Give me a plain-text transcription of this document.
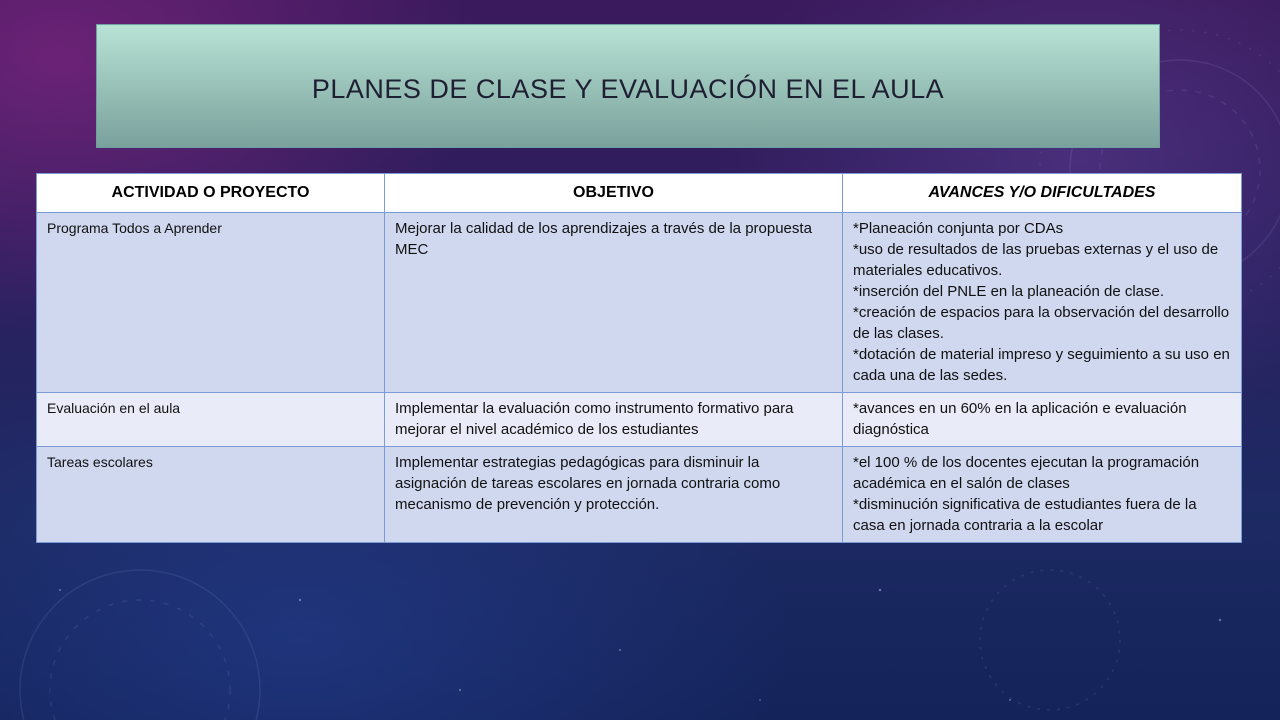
PLANES DE CLASE Y EVALUACIÓN EN EL AULA
ACTIVIDAD O PROYECTO	OBJETIVO	AVANCES Y/O DIFICULTADES
Programa Todos a Aprender	Mejorar la calidad de los aprendizajes a través de la propuesta MEC	*Planeación conjunta por CDAs
*uso de resultados de las pruebas externas y el uso de materiales educativos.
*inserción del PNLE en la planeación de clase.
*creación de espacios para la observación del desarrollo de las clases.
*dotación de material impreso y seguimiento a su uso en cada una de las sedes.

Evaluación en el aula	Implementar la evaluación como instrumento formativo para mejorar el nivel académico de los estudiantes	*avances en un 60% en la aplicación e evaluación diagnóstica

Tareas escolares	Implementar estrategias pedagógicas para disminuir la asignación de tareas escolares en jornada contraria como mecanismo de prevención y protección.	*el 100 % de los docentes ejecutan la programación académica en el salón de clases
*disminución significativa de estudiantes fuera de la casa en jornada contraria a la escolar
